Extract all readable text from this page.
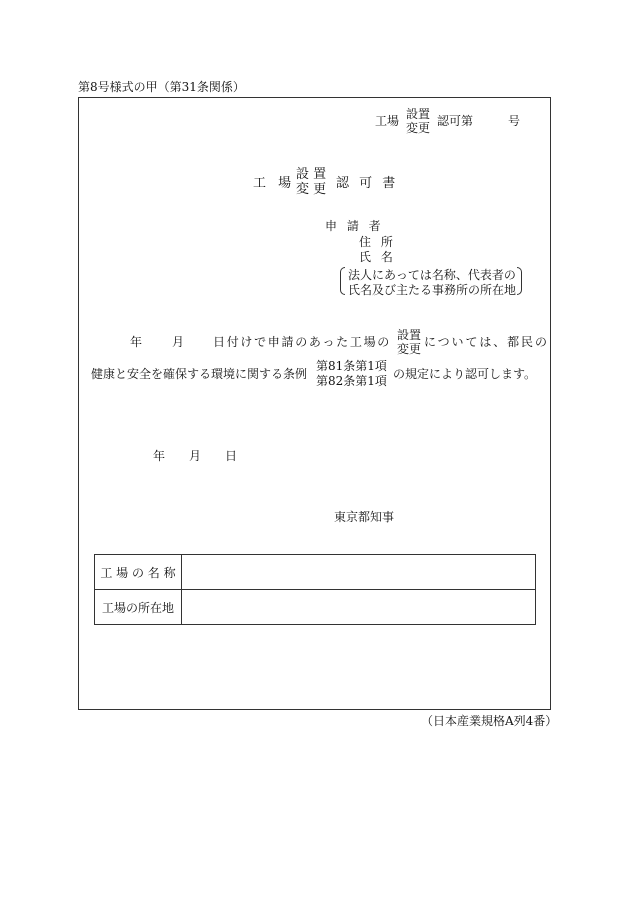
第8号様式の甲（第31条関係）
工場 設置
変更 認可第	号
工 場
設 置
変 更 認 可 書
申 請 者
住 所
氏 名
法人にあっては名称、代表者の
氏名及び主たる事務所の所在地
年 月 日付けで申請のあった工場の 設置
変更 については、都民の
健康と安全を確保する環境に関する条例
第81条第1項
第82条第1項 の規定により認可します。
年 月 日
東京都知事
工 場 の 名 称	
工場の所在地	
（日本産業規格A列4番）
